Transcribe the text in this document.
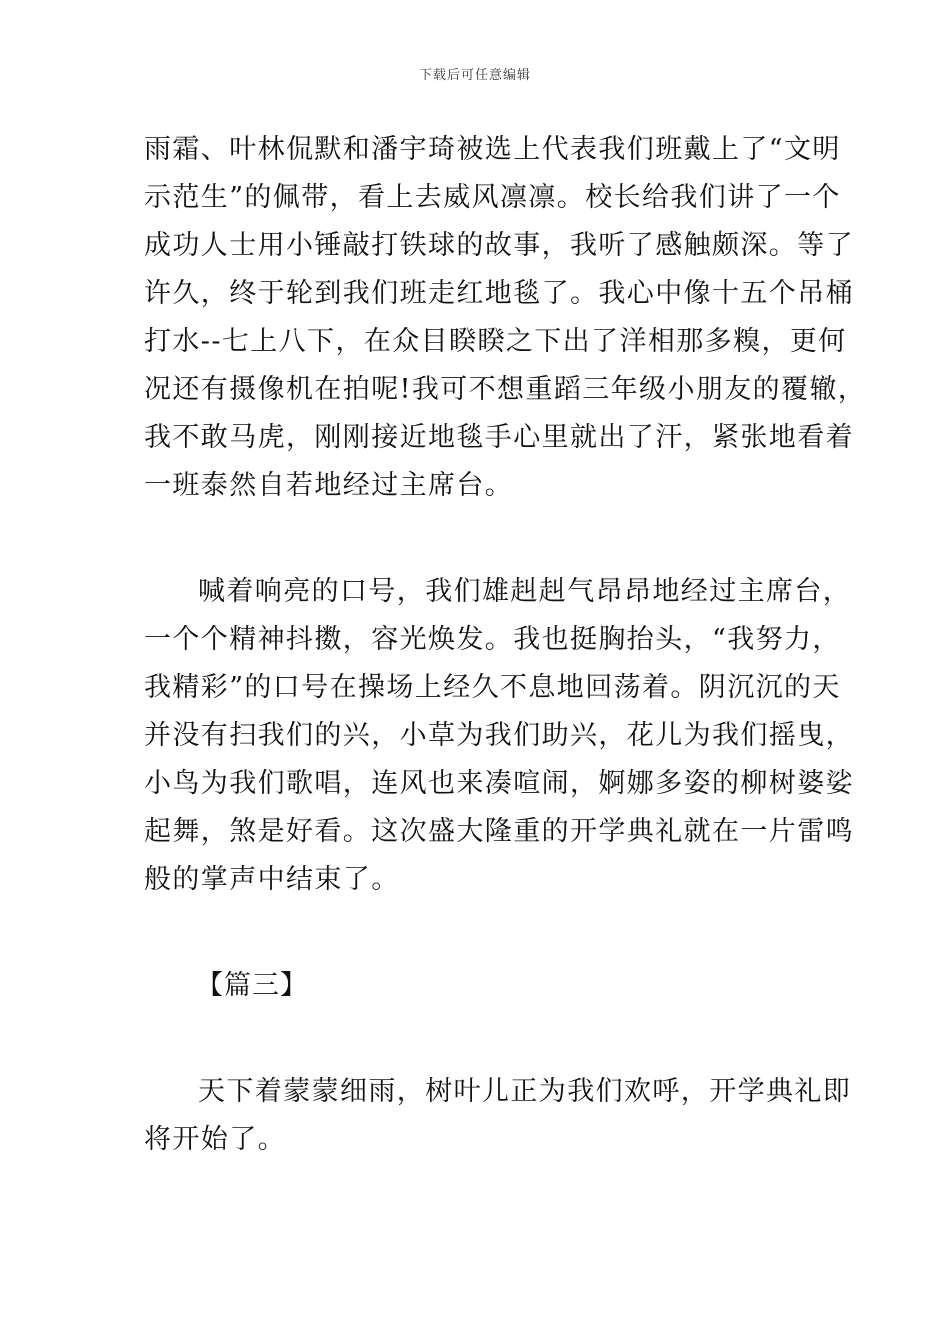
下载后可任意编辑
雨霜、叶林侃默和潘宇琦被选上代表我们班戴上了“文明
示范生”的佩带，看上去威风凛凛。校长给我们讲了一个
成功人士用小锤敲打铁球的故事，我听了感触颇深。等了
许久，终于轮到我们班走红地毯了。我心中像十五个吊桶
打水--七上八下，在众目睽睽之下出了洋相那多糗，更何
况还有摄像机在拍呢!我可不想重蹈三年级小朋友的覆辙，
我不敢马虎，刚刚接近地毯手心里就出了汗，紧张地看着
一班泰然自若地经过主席台。
喊着响亮的口号，我们雄赳赳气昂昂地经过主席台，
一个个精神抖擞，容光焕发。我也挺胸抬头，“我努力，
我精彩”的口号在操场上经久不息地回荡着。阴沉沉的天
并没有扫我们的兴，小草为我们助兴，花儿为我们摇曳，
小鸟为我们歌唱，连风也来凑喧闹，婀娜多姿的柳树婆娑
起舞，煞是好看。这次盛大隆重的开学典礼就在一片雷鸣
般的掌声中结束了。
【篇三】
天下着蒙蒙细雨，树叶儿正为我们欢呼，开学典礼即
将开始了。
